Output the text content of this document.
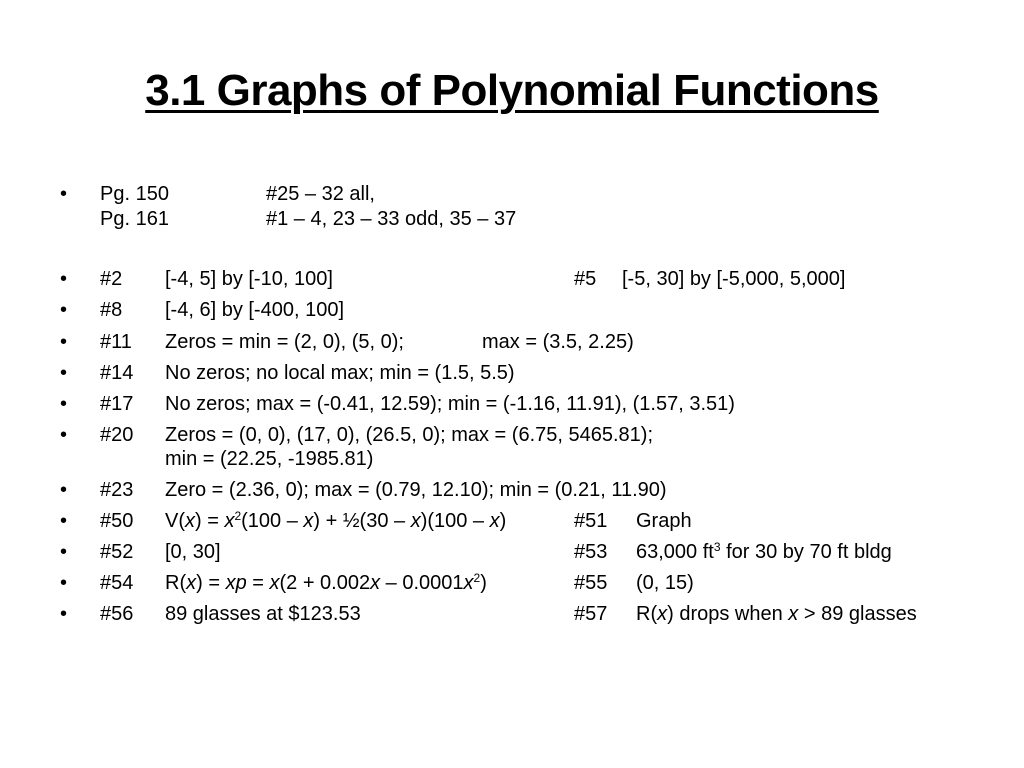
3.1 Graphs of Polynomial Functions
• Pg. 150	#25 – 32 all,
Pg. 161	#1 – 4, 23 – 33 odd, 35 – 37
• #2 [-4, 5] by [-10, 100]	#5 [-5, 30] by [-5,000, 5,000]
• #8 [-4, 6] by [-400, 100]
• #11 Zeros = min = (2, 0), (5, 0);	max = (3.5, 2.25)
• #14 No zeros; no local max; min = (1.5, 5.5)
• #17 No zeros; max = (-0.41, 12.59); min = (-1.16, 11.91), (1.57, 3.51)
• #20 Zeros = (0, 0), (17, 0), (26.5, 0); max = (6.75, 5465.81);
min = (22.25, -1985.81)
• #23 Zero = (2.36, 0); max = (0.79, 12.10); min = (0.21, 11.90)
• #50 $V(x) = x^2(100 - x)$ + ½(30 – x)(100 – x)	#51 Graph
• #52 [0, 30]	#53 63,000 $ft^3$ for 30 by 70 ft bldg
• #54 R(x) = xp = $x(2 + 0.002x - 0.0001x^2)$	#55 (0, 15)
• #56 89 glasses at $123.53	#57 R(x) drops when x > 89 glasses
